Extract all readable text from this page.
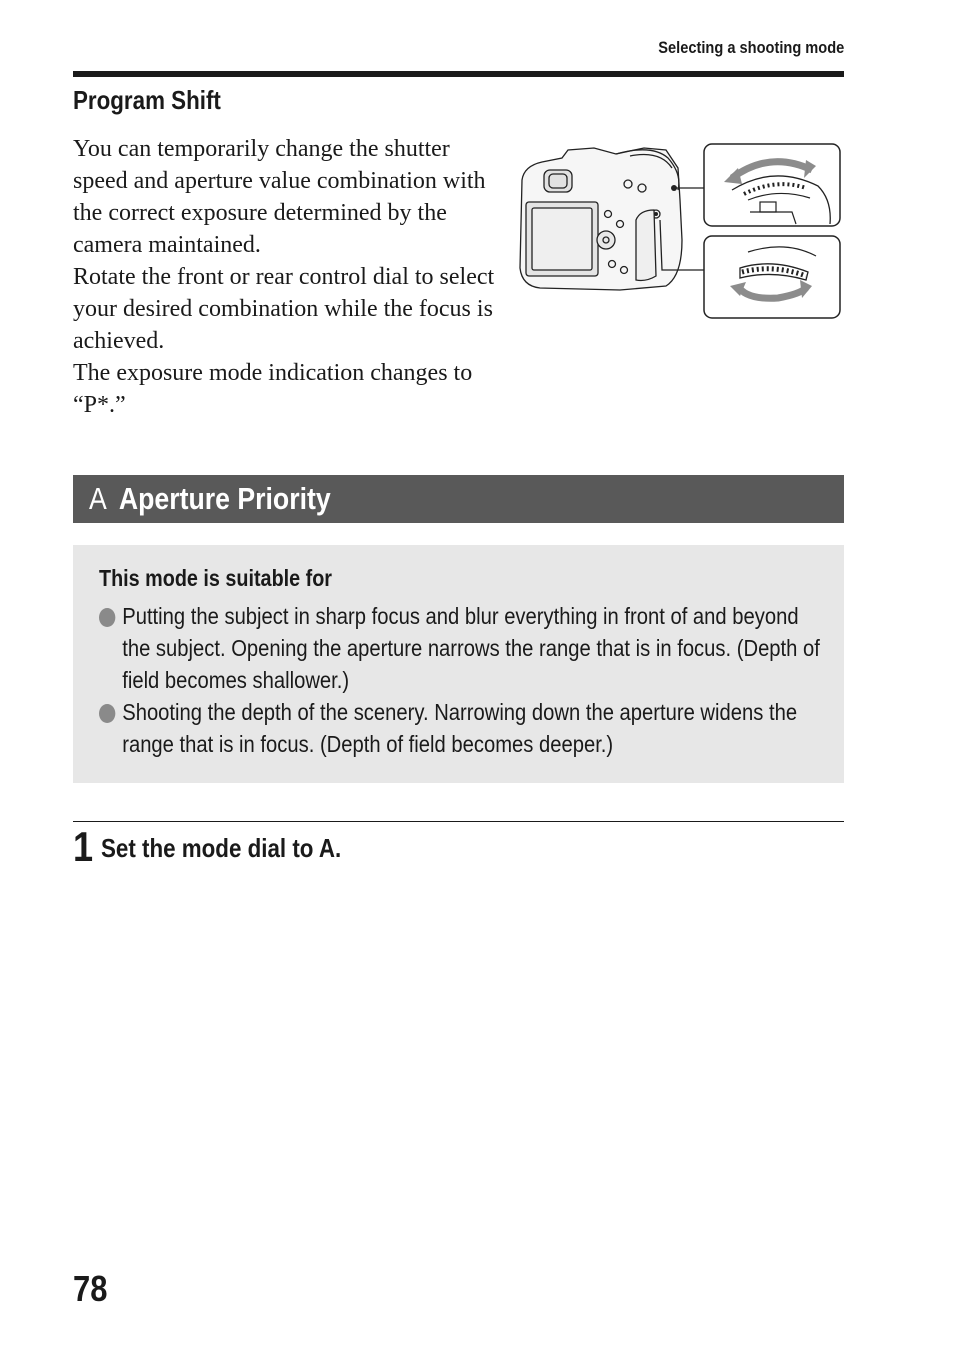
Selecting a shooting mode
Program Shift

You can temporarily change the shutter speed and aperture value combination with the correct exposure determined by the camera maintained.

Rotate the front or rear control dial to select your desired combination while the focus is achieved.

The exposure mode indication changes to “P*.”

A Aperture Priority
This mode is suitable for
Putting the subject in sharp focus and blur everything in front of and beyond the subject. Opening the aperture narrows the range that is in focus. (Depth of field becomes shallower.)
Shooting the depth of the scenery. Narrowing down the aperture widens the range that is in focus. (Depth of field becomes deeper.)
1 Set the mode dial to A.
78
